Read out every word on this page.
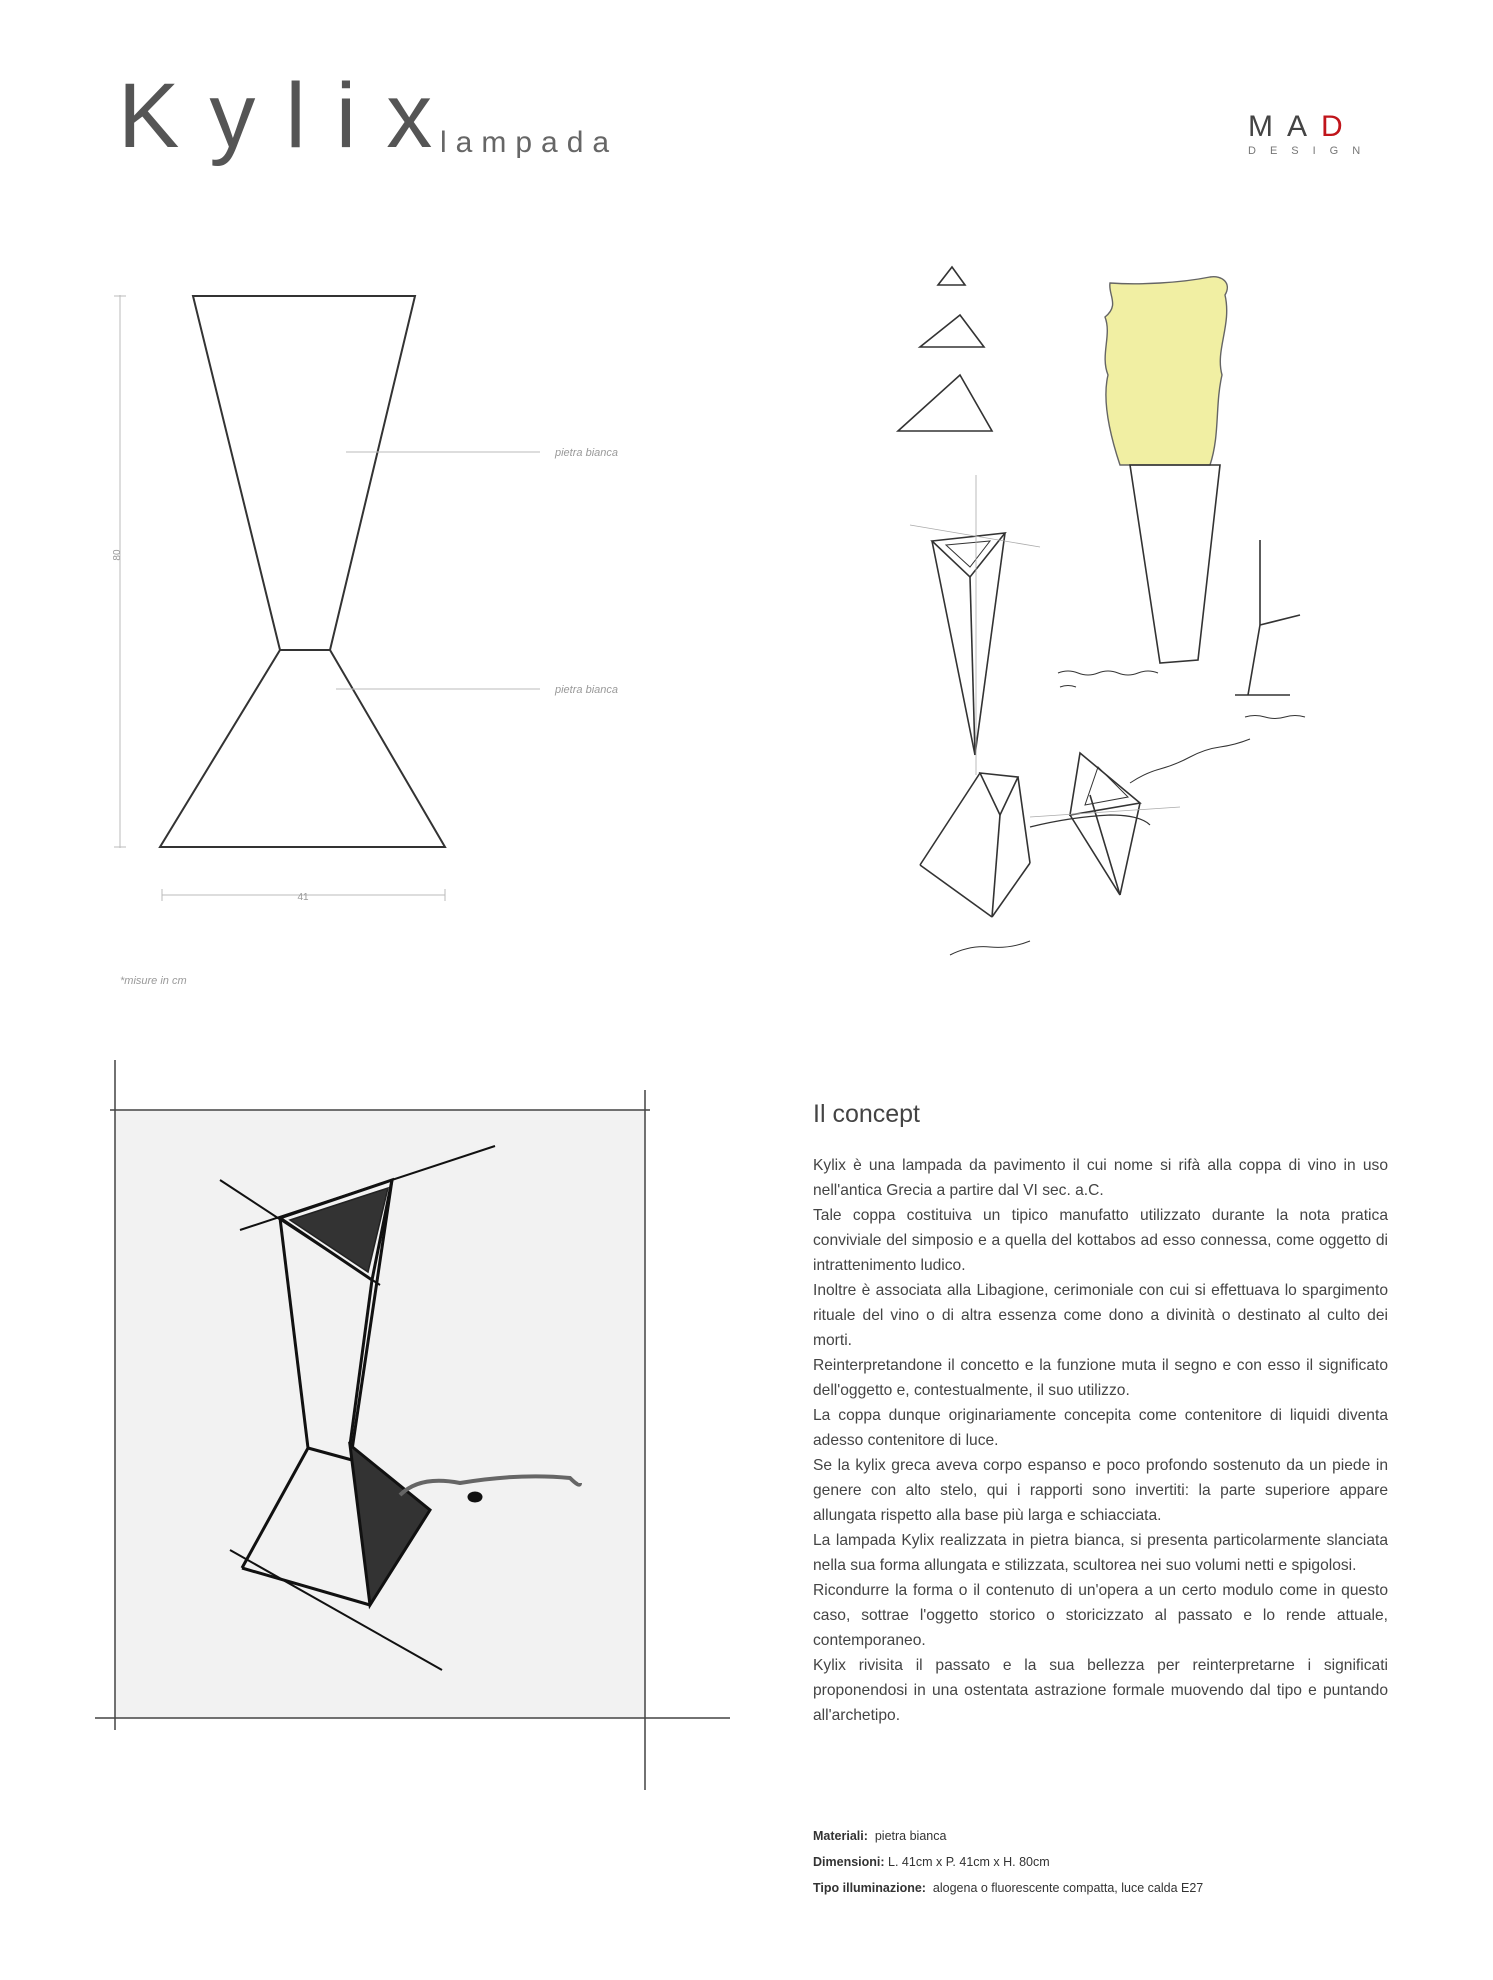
Kylix
lampada	MAD
DESIGN
80
pietra bianca
pietra bianca
41
*misure in cm
Il concept

Kylix è una lampada da pavimento il cui nome si rifà alla coppa di vino in uso nell'antica Grecia a partire dal VI sec. a.C.

Tale coppa costituiva un tipico manufatto utilizzato durante la nota pratica conviviale del simposio e a quella del kottabos ad esso connessa, come oggetto di intrattenimento ludico.

Inoltre è associata alla Libagione, cerimoniale con cui si effettuava lo spargimento rituale del vino o di altra essenza come dono a divinità o destinato al culto dei morti.

Reinterpretandone il concetto e la funzione muta il segno e con esso il significato dell'oggetto e, contestualmente, il suo utilizzo.

La coppa dunque originariamente concepita come contenitore di liquidi diventa adesso contenitore di luce.

Se la kylix greca aveva corpo espanso e poco profondo sostenuto da un piede in genere con alto stelo, qui i rapporti sono invertiti: la parte superiore appare allungata rispetto alla base più larga e schiacciata.

La lampada Kylix realizzata in pietra bianca, si presenta particolarmente slanciata nella sua forma allungata e stilizzata, scultorea nei suo volumi netti e spigolosi.

Ricondurre la forma o il contenuto di un'opera a un certo modulo come in questo caso, sottrae l'oggetto storico o storicizzato al passato e lo rende attuale, contemporaneo.

Kylix rivisita il passato e la sua bellezza per reinterpretarne i significati proponendosi in una ostentata astrazione formale muovendo dal tipo e puntando all'archetipo.

Materiali: pietra bianca
Dimensioni: L. 41cm x P. 41cm x H. 80cm
Tipo illuminazione: alogena o fluorescente compatta, luce calda E27
